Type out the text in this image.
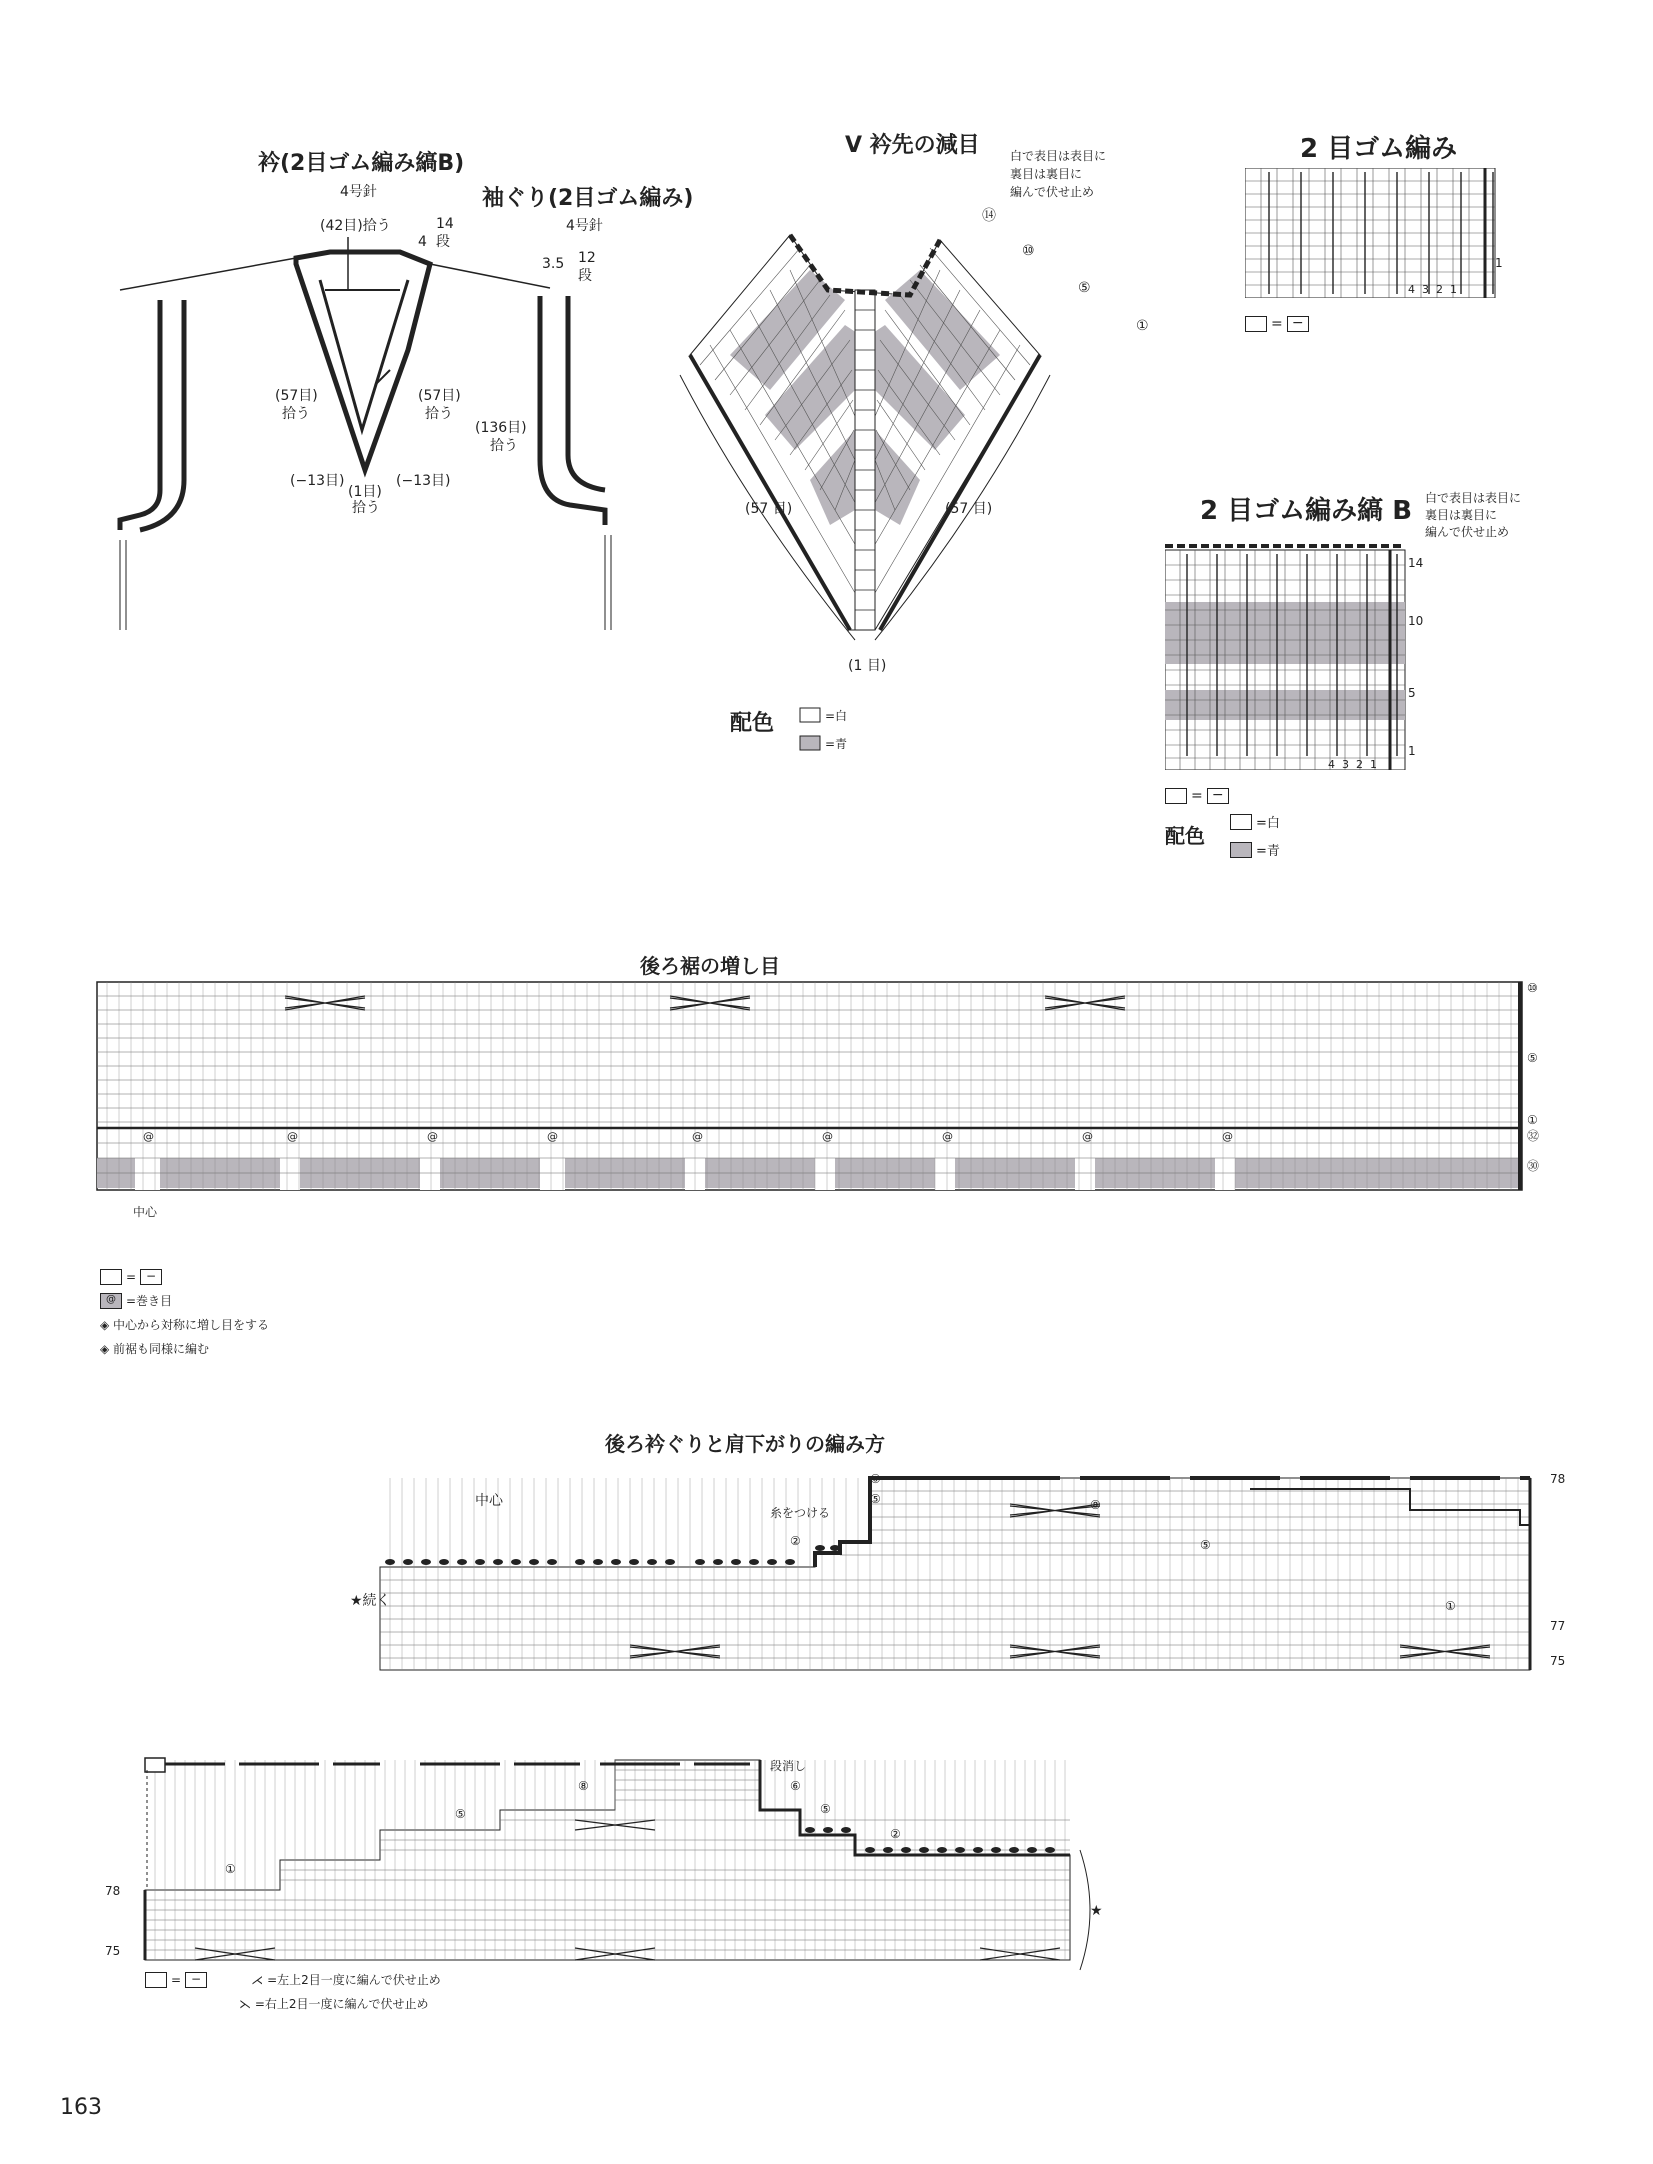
衿(2目ゴム編み縞B)
4号針
(42目)拾う	14
4 段
(57目)
拾う
(57目)
拾う
(−13目)	(−13目)
(1目)
拾う
袖ぐり(2目ゴム編み)
4号針
3.5 12
段
(136目)
拾う
V 衿先の減目	白で表目は表目に
裏目は裏目に
編んで伏せ止め
⑭
⑩
⑤
①
(57 目)	(57 目)
(1 目)
配色	=白
=青
2 目ゴム編み
1
4 3 2 1
= −
2 目ゴム編み縞 B 白で表目は表目に
裏目は裏目に
編んで伏せ止め
14
10
5
1
4 3 2 1
= −
配色
=白
=青
後ろ裾の増し目
@	@	@	@	@	@	@	@	@
⑩
⑤
①
㉜
㉚
中心
= −
@ =巻き目
◈ 中心から対称に増し目をする
◈ 前裾も同様に編む
後ろ衿ぐりと肩下がりの編み方
中心
糸をつける
★続く
⑥
⑤	⑧
②	⑤
①
78
77
75
段消し
⑥
⑤
②
⑧
⑤
①
78
75
★
= −	⋌ =左上2目一度に編んで伏せ止め
⋋ =右上2目一度に編んで伏せ止め
163
